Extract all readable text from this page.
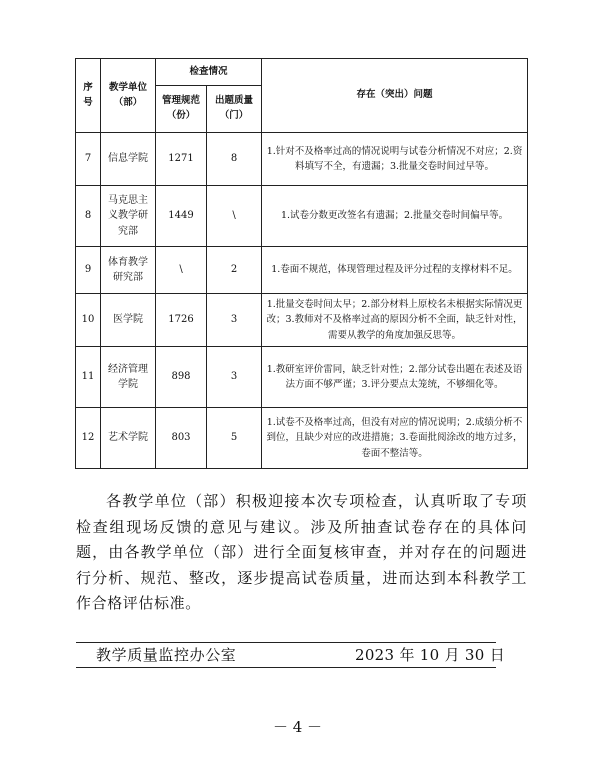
序号	教学单位（部）	检查情况		存在（突出）问题
		管理规范（份）	出题质量（门）	
7	信息学院	1271	8	1.针对不及格率过高的情况说明与试卷分析情况不对应；2.资料填写不全，有遗漏；3.批量交卷时间过早等。
8	马克思主义教学研究部	1449	\	1.试卷分数更改签名有遗漏；2.批量交卷时间偏早等。
9	体育教学研究部	\	2	1.卷面不规范，体现管理过程及评分过程的支撑材料不足。
10	医学院	1726	3	1.批量交卷时间太早；2.部分材料上原校名未根据实际情况更改；3.教师对不及格率过高的原因分析不全面，缺乏针对性，需要从教学的角度加强反思等。
11	经济管理学院	898	3	1.教研室评价雷同，缺乏针对性；2.部分试卷出题在表述及语法方面不够严谨；3.评分要点太笼统，不够细化等。
12	艺术学院	803	5	1.试卷不及格率过高，但没有对应的情况说明；2.成绩分析不到位，且缺少对应的改进措施；3.卷面批阅涂改的地方过多，卷面不整洁等。

各教学单位（部）积极迎接本次专项检查，认真听取了专项检查组现场反馈的意见与建议。涉及所抽查试卷存在的具体问题，由各教学单位（部）进行全面复核审查，并对存在的问题进行分析、规范、整改，逐步提高试卷质量，进而达到本科教学工作合格评估标准。

教学质量监控办公室	2023 年 10 月 30 日
－ 4 －
